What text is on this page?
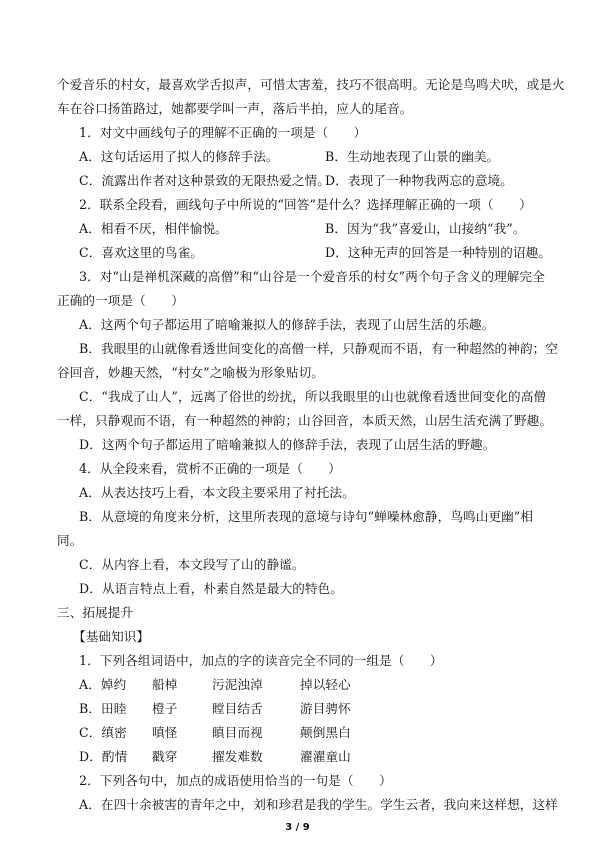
个爱音乐的村女，最喜欢学舌拟声，可惜太害羞，技巧不很高明。无论是鸟鸣犬吠，或是火
车在谷口扬笛路过，她都要学叫一声，落后半拍，应人的尾音。
1．对文中画线句子的理解不正确的一项是（　　）
A．这句话运用了拟人的修辞手法。	B．生动地表现了山景的幽美。
C．流露出作者对这种景致的无限热爱之情。
D．表现了一种物我两忘的意境。
2．联系全段看，画线句子中所说的“回答”是什么？选择理解正确的一项（　　）
A．相看不厌，相伴愉悦。	B．因为“我”喜爱山，山接纳“我”。
C．喜欢这里的鸟雀。	D．这种无声的回答是一种特别的诏趣。
3．对“山是禅机深藏的高僧”和“山谷是一个爱音乐的村女”两个句子含义的理解完全
正确的一项是（　　）
A．这两个句子都运用了暗喻兼拟人的修辞手法，表现了山居生活的乐趣。
B．我眼里的山就像看透世间变化的高僧一样，只静观而不语，有一种超然的神韵；空
谷回音，妙趣天然，“村女”之喻极为形象贴切。
C．“我成了山人”，远离了俗世的纷扰，所以我眼里的山也就像看透世间变化的高僧
一样，只静观而不语，有一种超然的神韵；山谷回音，本质天然，山居生活充满了野趣。
D．这两个句子都运用了暗喻兼拟人的修辞手法，表现了山居生活的野趣。
4．从全段来看，赏析不正确的一项是（　　）
A．从表达技巧上看，本文段主要采用了衬托法。
B．从意境的角度来分析，这里所表现的意境与诗句“蝉噪林愈静，鸟鸣山更幽”相
同。
C．从内容上看，本文段写了山的静谧。
D．从语言特点上看，朴素自然是最大的特色。
三、拓展提升
【基础知识】
1．下列各组词语中，加点的字的读音完全不同的一组是（　　）
A．婥约 船棹	污泥浊淖	掉以轻心
B．田睦 橙子	瞠目结舌	游目骋怀
C．缜密 嗔怪	瞋目而视	颠倒黑白
D．酌情 戳穿	擢发难数	濯濯童山
2．下列各句中，加点的成语使用恰当的一句是（　　）
A．在四十余被害的青年之中，刘和珍君是我的学生。学生云者，我向来这样想，这样
3 / 9
